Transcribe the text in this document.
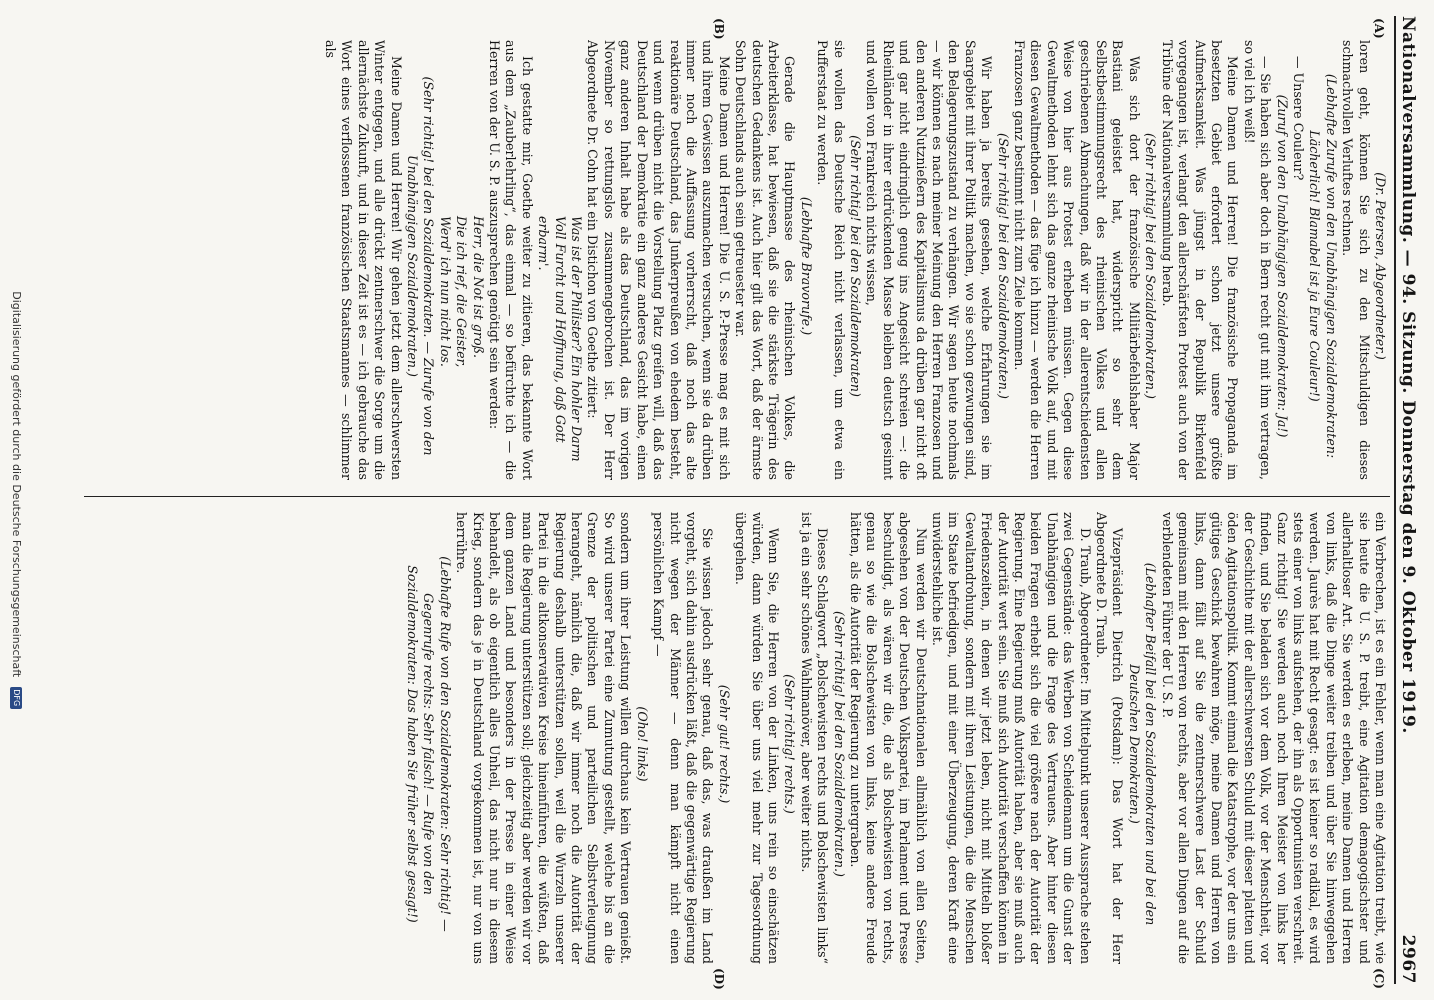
Nationalversammlung. — 94. Sitzung. Donnerstag den 9. Oktober 1919.
2967
(A)
(B)
(C)
(D)

(Dr. Petersen, Abgeordneter.)

loren geht, können Sie sich zu den Mitschuldigen dieses schmachvollen Verluftes rechnen.

(Lebhafte Zurufe von den Unabhängigen Sozialdemokraten: Lächerlich! Blamabel ist ja Eure Couleur!)

— Unsere Couleur?

(Zuruf von den Unabhängigen Sozialdemokraten: Ja!)

— Sie haben sich aber doch in Bern recht gut mit ihm vertragen, so viel ich weiß!

Meine Damen und Herren! Die französische Propaganda im besetzten Gebiet erfordert schon jetzt unsere größte Aufmerksamkeit. Was jüngst in der Republik Birkenfeld vorgegangen ist, verlangt den allerschärfsten Protest auch von der Tribüne der Nationalversammlung herab.

(Sehr richtig! bei den Sozialdemokraten.)

Was sich dort der französische Militärbefehlshaber Major Bastiani geleistet hat, widerspricht so sehr dem Selbstbestimmungsrecht des rheinischen Volkes und allen geschriebenen Abmachungen, daß wir in der allerentschiedensten Weise von hier aus Protest erheben müssen. Gegen diese Gewaltmethoden lehnt sich das ganze rheinische Volk auf, und mit diesen Gewaltmethoden — das füge ich hinzu — werden die Herren Franzosen ganz bestimmt nicht zum Ziele kommen.

(Sehr richtig! bei den Sozialdemokraten.)

Wir haben ja bereits gesehen, welche Erfahrungen sie im Saargebiet mit ihrer Politik machen, wo sie schon gezwungen sind, den Belagerungszustand zu verhängen. Wir sagen heute nochmals — wir können es nach meiner Meinung den Herren Franzosen und den anderen Nutznießern des Kapitalismus da drüben gar nicht oft und gar nicht eindringlich genug ins Angesicht schreien —: die Rheinländer in ihrer erdrückenden Masse bleiben deutsch gesinnt und wollen von Frankreich nichts wissen,

(Sehr richtig! bei den Sozialdemokraten)

sie wollen das Deutsche Reich nicht verlassen, um etwa ein Pufferstaat zu werden.

(Lebhafte Bravorufe.)

Gerade die Hauptmasse des rheinischen Volkes, die Arbeiterklasse, hat bewiesen, daß sie die stärkste Trägerin des deutschen Gedankens ist. Auch hier gilt das Wort, daß der ärmste Sohn Deutschlands auch sein getreuester war.

Meine Damen und Herren! Die U. S. P.-Presse mag es mit sich und ihrem Gewissen auszumachen versuchen, wenn sie da drüben immer noch die Auffassung vorherrscht, daß noch das alte reaktionäre Deutschland, das Junkerpreußen von ehedem besteht, und wenn drüben nicht die Vorstellung Platz greifen will, daß das Deutschland der Demokratie ein ganz anderes Gesicht habe, einen ganz anderen Inhalt habe als das Deutschland, das im vorigen November so rettungslos zusammengebrochen ist. Der Herr Abgeordnete Dr. Cohn hat ein Distichon von Goethe zitiert:

Was ist der Philister? Ein hohler Darm

Voll Furcht und Hoffnung, daß Gott erbarm'.

Ich gestatte mir, Goethe weiter zu zitieren, das bekannte Wort aus dem „Zauberlehrling“, das einmal — so befürchte ich — die Herren von der U. S. P. auszusprechen genötigt sein werden:

Herr, die Not ist groß.

Die ich rief, die Geister,

Werd' ich nun nicht los.

(Sehr richtig! bei den Sozialdemokraten. — Zurufe von den Unabhängigen Sozialdemokraten.)

Meine Damen und Herren! Wir gehen jetzt dem allerschwersten Winter entgegen, und alle drückt zentnerschwer die Sorge um die allernächste Zukunft, und in dieser Zeit ist es — ich gebrauche das Wort eines verflossenen französischen Staatsmannes — schlimmer als

ein Verbrechen, ist es ein Fehler, wenn man eine Agitation treibt, wie sie heute die U. S. P. treibt, eine Agitation demagogischster und allerhaltloser Art. Sie werden es erleben, meine Damen und Herren von links, daß die Dinge weiter treiben und über Sie hinweggehen werden. Jaurès hat mit Recht gesagt: es ist keiner so radikal, es wird stets einer von links aufstehen, der ihn als Opportunisten verschreit. Ganz richtig! Sie werden auch noch Ihren Meister von links her finden, und Sie beladen sich vor dem Volk, vor der Menschheit, vor der Geschichte mit der allerschwersten Schuld mit dieser platten und öden Agitationspolitik. Kommt einmal die Katastrophe, vor der uns ein gütiges Geschick bewahren möge, meine Damen und Herren von links, dann fällt auf Sie die zentnerschwere Last der Schuld gemeinsam mit den Herren von rechts, aber vor allen Dingen auf die verblendeten Führer der U. S. P.

(Lebhafter Beifall bei den Sozialdemokraten und bei den Deutschen Demokraten.)

Vizepräsident Dietrich (Potsdam): Das Wort hat der Herr Abgeordnete D. Traub.

D. Traub, Abgeordneter: Im Mittelpunkt unserer Aussprache stehen zwei Gegenstände: das Werben von Scheidemann um die Gunst der Unabhängigen und die Frage des Vertrauens. Aber hinter diesen beiden Fragen erhebt sich die viel größere nach der Autorität der Regierung. Eine Regierung muß Autorität haben, aber sie muß auch der Autorität wert sein. Sie muß sich Autorität verschaffen können in Friedenszeiten, in denen wir jetzt leben, nicht mit Mitteln bloßer Gewaltandrohung, sondern mit ihren Leistungen, die die Menschen im Staate befriedigen, und mit einer Überzeugung, deren Kraft eine unwiderstehliche ist.

Nun werden wir Deutschnationalen allmählich von allen Seiten, abgesehen von der Deutschen Volkspartei, im Parlament und Presse beschuldigt, als wären wir die, die als Bolschewisten von rechts, genau so wie die Bolschewisten von links, keine andere Freude hätten, als die Autorität der Regierung zu untergraben.

(Sehr richtig! bei den Sozialdemokraten.)

Dieses Schlagwort „Bolschewisten rechts und Bolschewisten links“ ist ja ein sehr schönes Wahlmanöver, aber weiter nichts.

(Sehr richtig! rechts.)

Wenn Sie, die Herren von der Linken, uns rein so einschätzen würden, dann würden Sie über uns viel mehr zur Tagesordnung übergehen.

(Sehr gut! rechts.)

Sie wissen jedoch sehr genau, daß das, was draußen im Land vorgeht, sich dahin ausdrücken läßt, daß die gegenwärtige Regierung nicht wegen der Männer — denn man kämpft nicht einen persönlichen Kampf —

(Oho! links)

sondern um ihrer Leistung willen durchaus kein Vertrauen genießt. So wird unserer Partei eine Zumutung gestellt, welche bis an die Grenze der politischen und parteilichen Selbstverleugnung herangeht, nämlich die, daß wir immer noch die Autorität der Regierung deshalb unterstützen sollen, weil die Wurzeln unserer Partei in die altkonservativen Kreise hineinführen, die wüßten, daß man die Regierung unterstützen soll; gleichzeitig aber werden wir vor dem ganzen Land und besonders in der Presse in einer Weise behandelt, als ob eigentlich alles Unheil, das nicht nur in diesem Krieg, sondern das je in Deutschland vorgekommen ist, nur von uns herrühre.

(Lebhafte Rufe von den Sozialdemokraten: Sehr richtig! — Gegenrufe rechts: Sehr falsch! — Rufe von den Sozialdemokraten: Das haben Sie früher selbst gesagt!)

Digitalisierung gefördert durch die Deutsche Forschungsgemeinschaft DFG
